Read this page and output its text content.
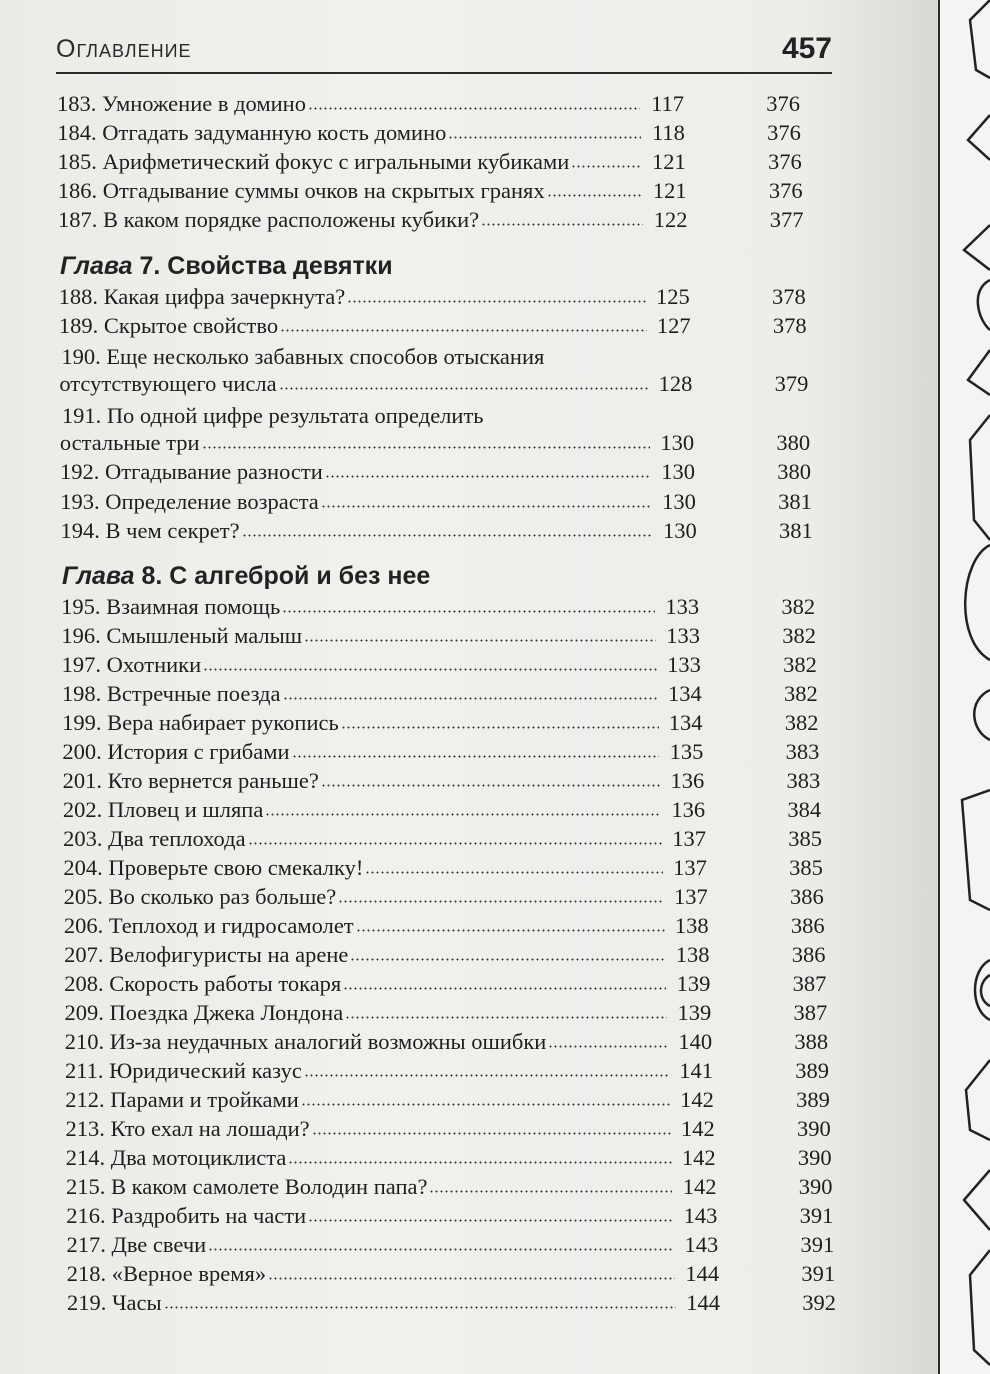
Оглавление	457
Глава 7. Свойства девятки
Глава 8. С алгеброй и без нее
183. Умножение в домино	117	376
184. Отгадать задуманную кость домино	118	376
185. Арифметический фокус с игральными кубиками	121	376
186. Отгадывание суммы очков на скрытых гранях	121	376
187. В каком порядке расположены кубики?	122	377
188. Какая цифра зачеркнута?	125	378
189. Скрытое свойство	127	378
190. Еще несколько забавных способов отыскания
отсутствующего числа	128	379
191. По одной цифре результата определить
остальные три	130	380
192. Отгадывание разности	130	380
193. Определение возраста	130	381
194. В чем секрет?	130	381
195. Взаимная помощь	133	382
196. Смышленый малыш	133	382
197. Охотники	133	382
198. Встречные поезда	134	382
199. Вера набирает рукопись	134	382
200. История с грибами	135	383
201. Кто вернется раньше?	136	383
202. Пловец и шляпа	136	384
203. Два теплохода	137	385
204. Проверьте свою смекалку!	137	385
205. Во сколько раз больше?	137	386
206. Теплоход и гидросамолет	138	386
207. Велофигуристы на арене	138	386
208. Скорость работы токаря	139	387
209. Поездка Джека Лондона	139	387
210. Из-за неудачных аналогий возможны ошибки	140	388
211. Юридический казус	141	389
212. Парами и тройками	142	389
213. Кто ехал на лошади?	142	390
214. Два мотоциклиста	142	390
215. В каком самолете Володин папа?	142	390
216. Раздробить на части	143	391
217. Две свечи	143	391
218. «Верное время»	144	391
219. Часы	144	392
